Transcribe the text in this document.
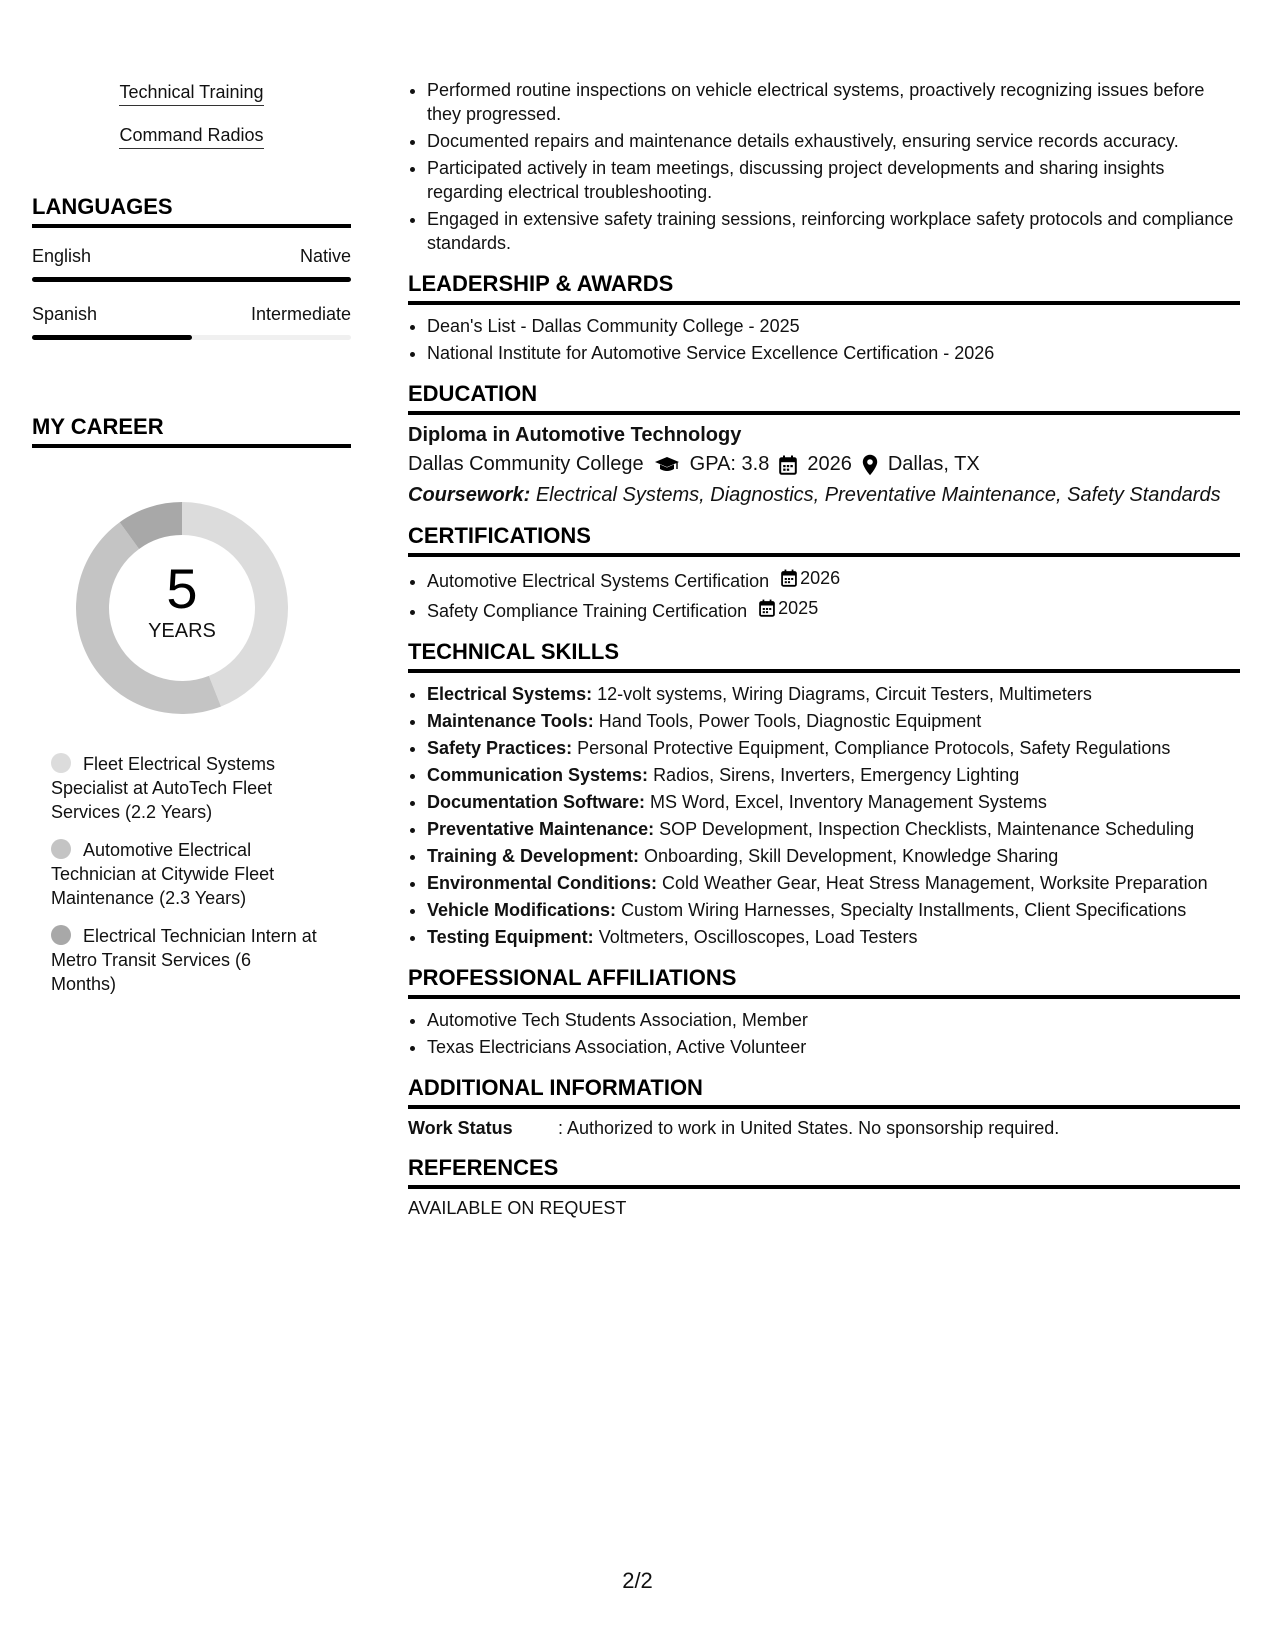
Technical Training
Command Radios
LANGUAGES
English	Native
Spanish	Intermediate
MY CAREER
5
YEARS
Fleet Electrical Systems Specialist at AutoTech Fleet Services (2.2 Years)
Automotive Electrical Technician at Citywide Fleet Maintenance (2.3 Years)
Electrical Technician Intern at Metro Transit Services (6 Months)
• Performed routine inspections on vehicle electrical systems, proactively recognizing issues before they progressed.
• Documented repairs and maintenance details exhaustively, ensuring service records accuracy.
• Participated actively in team meetings, discussing project developments and sharing insights regarding electrical troubleshooting.
• Engaged in extensive safety training sessions, reinforcing workplace safety protocols and compliance standards.
LEADERSHIP & AWARDS
• Dean's List - Dallas Community College - 2025
• National Institute for Automotive Service Excellence Certification - 2026
EDUCATION
Diploma in Automotive Technology
Dallas Community College GPA: 3.8 2026 Dallas, TX
Coursework: Electrical Systems, Diagnostics, Preventative Maintenance, Safety Standards
CERTIFICATIONS
• Automotive Electrical Systems Certification 2026
• Safety Compliance Training Certification 2025
TECHNICAL SKILLS
• Electrical Systems: 12-volt systems, Wiring Diagrams, Circuit Testers, Multimeters
• Maintenance Tools: Hand Tools, Power Tools, Diagnostic Equipment
• Safety Practices: Personal Protective Equipment, Compliance Protocols, Safety Regulations
• Communication Systems: Radios, Sirens, Inverters, Emergency Lighting
• Documentation Software: MS Word, Excel, Inventory Management Systems
• Preventative Maintenance: SOP Development, Inspection Checklists, Maintenance Scheduling
• Training & Development: Onboarding, Skill Development, Knowledge Sharing
• Environmental Conditions: Cold Weather Gear, Heat Stress Management, Worksite Preparation
• Vehicle Modifications: Custom Wiring Harnesses, Specialty Installments, Client Specifications
• Testing Equipment: Voltmeters, Oscilloscopes, Load Testers
PROFESSIONAL AFFILIATIONS
• Automotive Tech Students Association, Member
• Texas Electricians Association, Active Volunteer
ADDITIONAL INFORMATION
Work Status	: Authorized to work in United States. No sponsorship required.
REFERENCES
AVAILABLE ON REQUEST
2/2
